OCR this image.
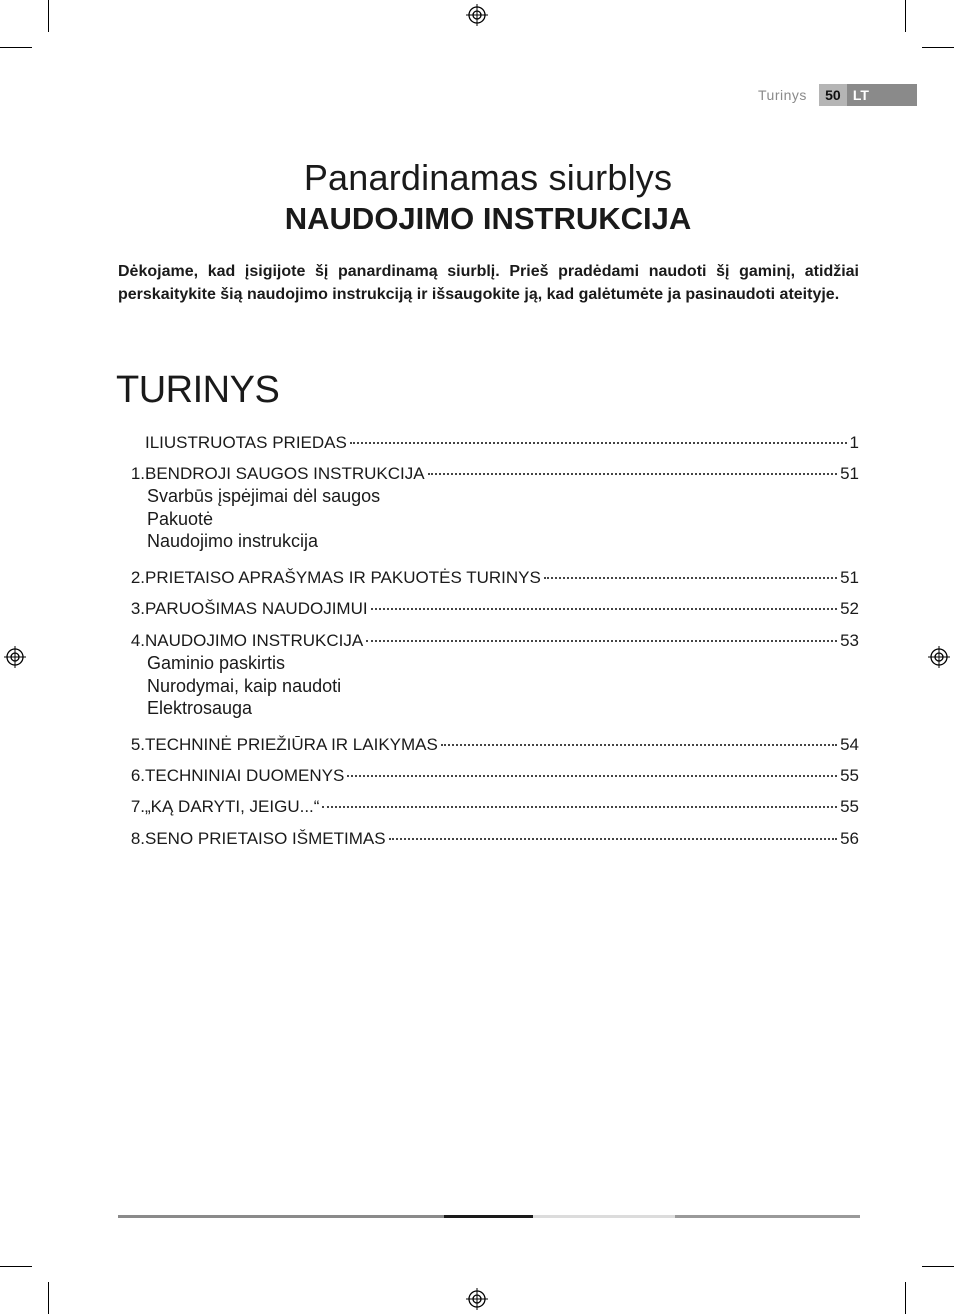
Turinys	50 LT
Panardinamas siurblys
NAUDOJIMO INSTRUKCIJA
Dėkojame, kad įsigijote šį panardinamą siurblį. Prieš pradėdami naudoti šį gaminį, atidžiai perskaitykite šią naudojimo instrukciją ir išsaugokite ją, kad galėtumėte ja pasinaudoti ateityje.
TURINYS
ILIUSTRUOTAS PRIEDAS	1
1. BENDROJI SAUGOS INSTRUKCIJA	51
Svarbūs įspėjimai dėl saugos
Pakuotė
Naudojimo instrukcija
2. PRIETAISO APRAŠYMAS IR PAKUOTĖS TURINYS	51
3. PARUOŠIMAS NAUDOJIMUI	52
4. NAUDOJIMO INSTRUKCIJA	53
Gaminio paskirtis
Nurodymai, kaip naudoti
Elektrosauga
5. TECHNINĖ PRIEŽIŪRA IR LAIKYMAS	54
6. TECHNINIAI DUOMENYS	55
7. „KĄ DARYTI, JEIGU...“	55
8. SENO PRIETAISO IŠMETIMAS	56
